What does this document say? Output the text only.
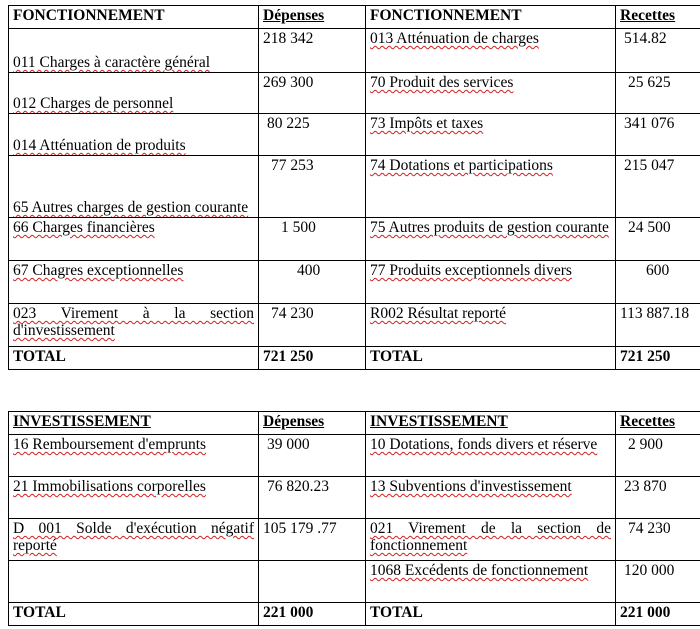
FONCTIONNEMENT	Dépenses	FONCTIONNEMENT	Recettes
011 Charges à caractère général	218 342	013 Atténuation de charges	514.82
012 Charges de personnel	269 300	70 Produit des services	25 625
014 Atténuation de produits	80 225	73 Impôts et taxes	341 076
65 Autres charges de gestion courante	77 253	74 Dotations et participations	215 047
66 Charges financières	1 500	75 Autres produits de gestion courante	24 500
67 Chagres exceptionnelles	400	77 Produits exceptionnels divers	600
023 Virement à la section d'investissement	74 230	R002 Résultat reporté	113 887.18
TOTAL	721 250	TOTAL	721 250
INVESTISSEMENT	Dépenses	INVESTISSEMENT	Recettes
16 Remboursement d'emprunts	39 000	10 Dotations, fonds divers et réserve	2 900
21 Immobilisations corporelles	76 820.23	13 Subventions d'investissement	23 870
D 001 Solde d'exécution négatif reporté	105 179 .77	021 Virement de la section de fonctionnement	74 230
		1068 Excédents de fonctionnement	120 000
TOTAL	221 000	TOTAL	221 000
